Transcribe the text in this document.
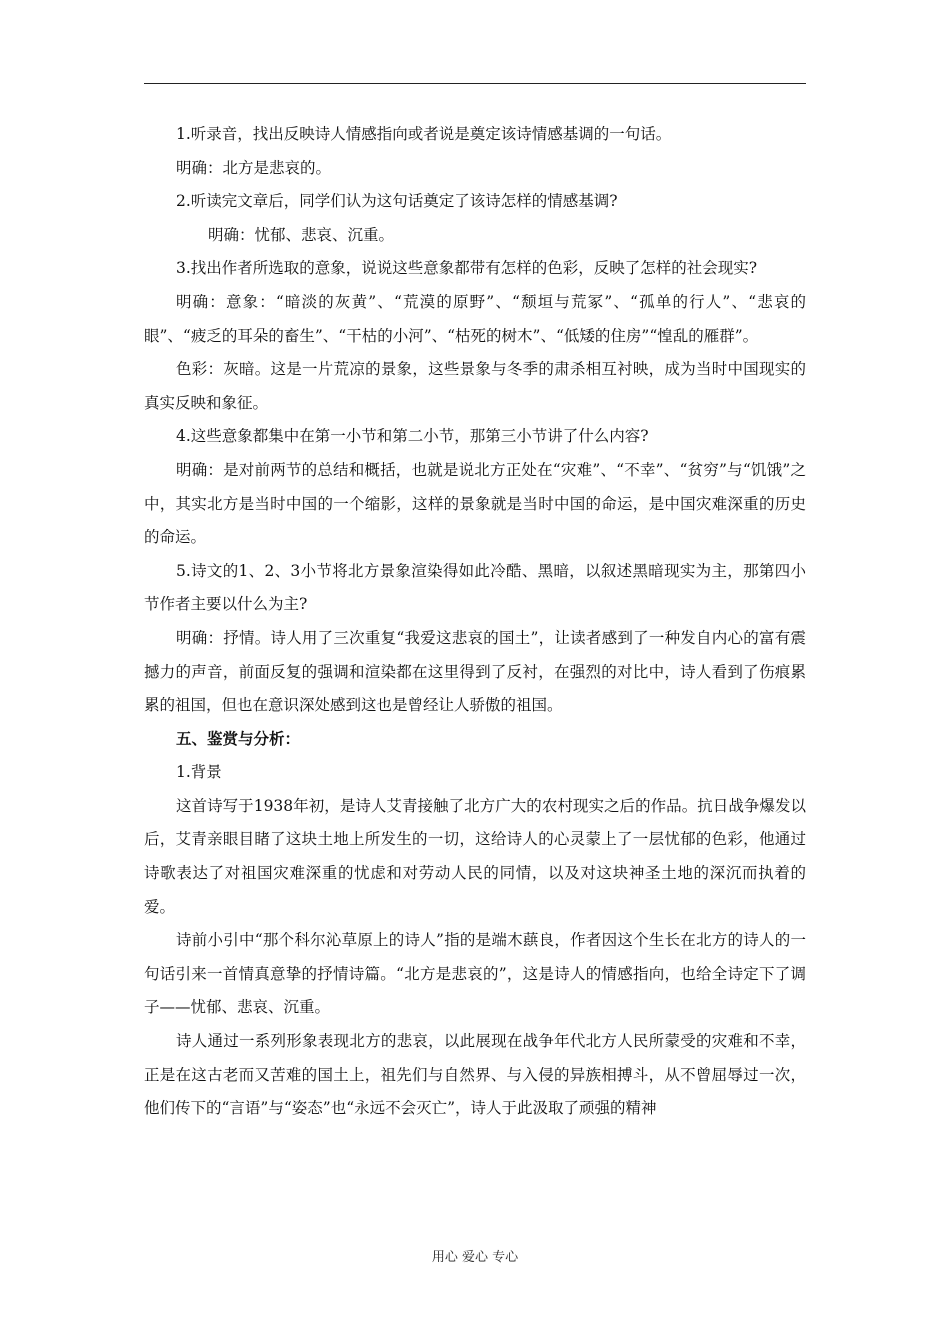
1.听录音，找出反映诗人情感指向或者说是奠定该诗情感基调的一句话。

明确：北方是悲哀的。

2.听读完文章后，同学们认为这句话奠定了该诗怎样的情感基调?

明确：忧郁、悲哀、沉重。

3.找出作者所选取的意象，说说这些意象都带有怎样的色彩，反映了怎样的社会现实?

明确：意象：“暗淡的灰黄”、“荒漠的原野”、“颓垣与荒冢”、“孤单的行人”、“悲哀的眼”、“疲乏的耳朵的畜生”、“干枯的小河”、“枯死的树木”、“低矮的住房”“惶乱的雁群”。

色彩：灰暗。这是一片荒凉的景象，这些景象与冬季的肃杀相互衬映，成为当时中国现实的真实反映和象征。

4.这些意象都集中在第一小节和第二小节，那第三小节讲了什么内容?

明确：是对前两节的总结和概括，也就是说北方正处在“灾难”、“不幸”、“贫穷”与“饥饿”之中，其实北方是当时中国的一个缩影，这样的景象就是当时中国的命运，是中国灾难深重的历史的命运。

5.诗文的1、2、3小节将北方景象渲染得如此冷酷、黑暗，以叙述黑暗现实为主，那第四小节作者主要以什么为主?

明确：抒情。诗人用了三次重复“我爱这悲哀的国土”，让读者感到了一种发自内心的富有震撼力的声音，前面反复的强调和渲染都在这里得到了反衬，在强烈的对比中，诗人看到了伤痕累累的祖国，但也在意识深处感到这也是曾经让人骄傲的祖国。

五、鉴赏与分析：

1.背景

这首诗写于1938年初，是诗人艾青接触了北方广大的农村现实之后的作品。抗日战争爆发以后，艾青亲眼目睹了这块土地上所发生的一切，这给诗人的心灵蒙上了一层忧郁的色彩，他通过诗歌表达了对祖国灾难深重的忧虑和对劳动人民的同情，以及对这块神圣土地的深沉而执着的爱。

诗前小引中“那个科尔沁草原上的诗人”指的是端木蕻良，作者因这个生长在北方的诗人的一句话引来一首情真意挚的抒情诗篇。“北方是悲哀的”，这是诗人的情感指向，也给全诗定下了调子——忧郁、悲哀、沉重。

诗人通过一系列形象表现北方的悲哀，以此展现在战争年代北方人民所蒙受的灾难和不幸，正是在这古老而又苦难的国土上，祖先们与自然界、与入侵的异族相搏斗，从不曾屈辱过一次，他们传下的“言语”与“姿态”也“永远不会灭亡”，诗人于此汲取了顽强的精神

用心 爱心 专心
